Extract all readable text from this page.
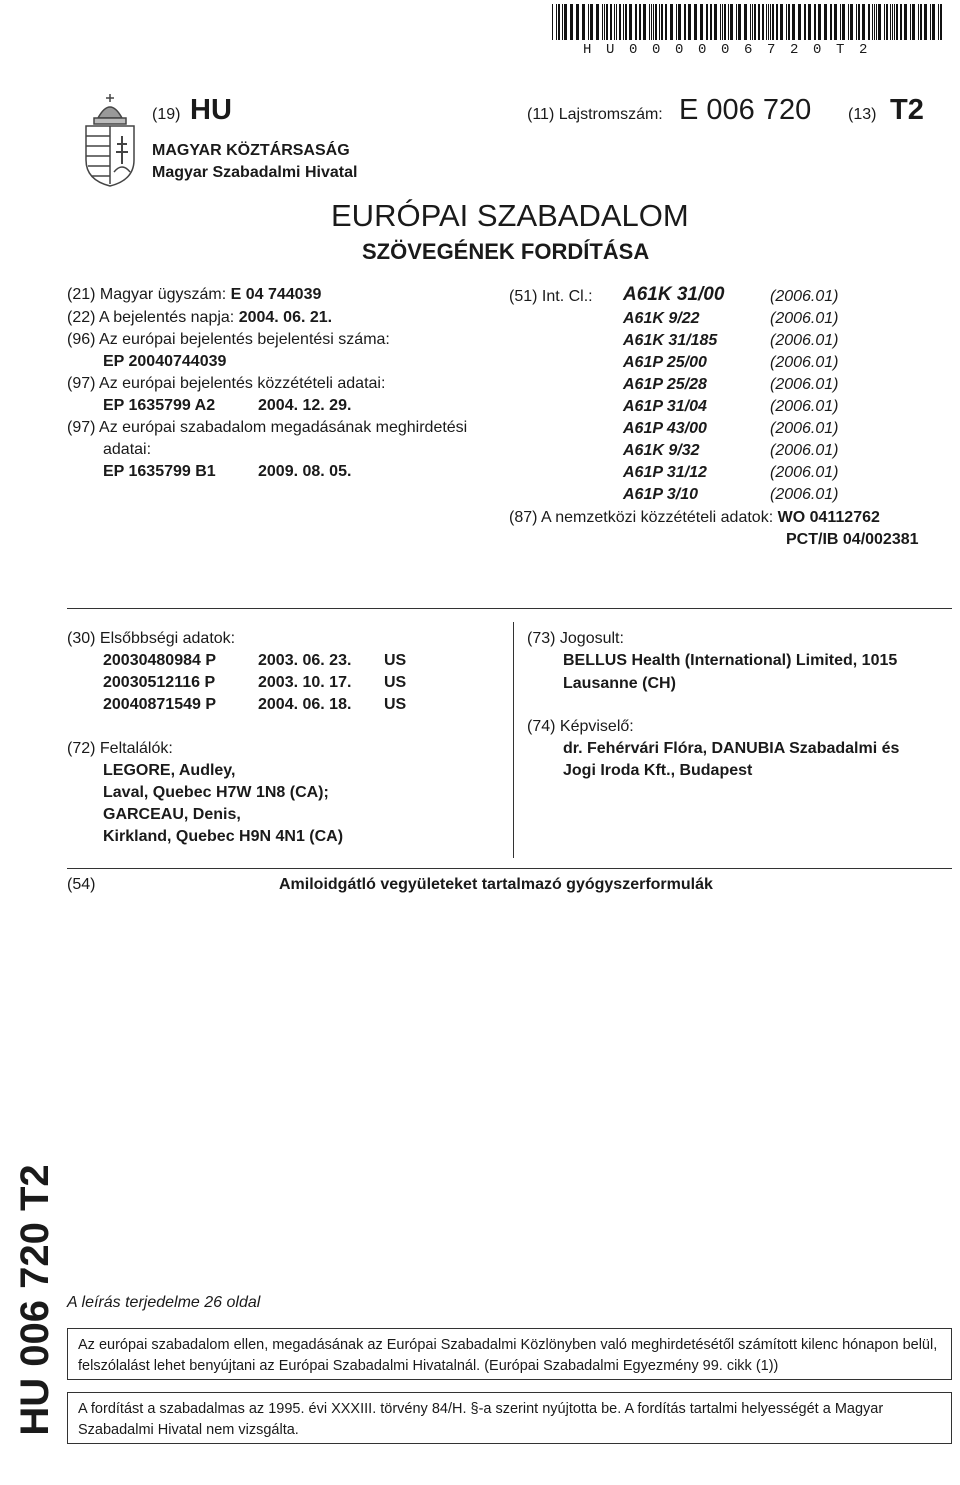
HU000006720T2
(19) HU	(11) Lajstromszám: E 006 720 (13) T2
MAGYAR KÖZTÁRSASÁG
Magyar Szabadalmi Hivatal
EURÓPAI SZABADALOM
SZÖVEGÉNEK FORDÍTÁSA
(21) Magyar ügyszám: E 04 744039
(22) A bejelentés napja: 2004. 06. 21.
(96) Az európai bejelentés bejelentési száma:
EP 20040744039
(97) Az európai bejelentés közzétételi adatai:
EP 1635799 A2	2004. 12. 29.
(97) Az európai szabadalom megadásának meghirdetési
adatai:
EP 1635799 B1	2009. 08. 05.
(51) Int. Cl.: A61K 31/00	(2006.01)
A61K 9/22	(2006.01)
A61K 31/185	(2006.01)
A61P 25/00	(2006.01)
A61P 25/28	(2006.01)
A61P 31/04	(2006.01)
A61P 43/00	(2006.01)
A61K 9/32	(2006.01)
A61P 31/12	(2006.01)
A61P 3/10	(2006.01)
(87) A nemzetközi közzétételi adatok: WO 04112762
PCT/IB 04/002381
(30) Elsőbbségi adatok:
20030480984 P	2003. 06. 23. US
20030512116 P	2003. 10. 17. US
20040871549 P	2004. 06. 18. US
(72) Feltalálók:
LEGORE, Audley,
Laval, Quebec H7W 1N8 (CA);
GARCEAU, Denis,
Kirkland, Quebec H9N 4N1 (CA)
(73) Jogosult:
BELLUS Health (International) Limited, 1015
Lausanne (CH)
(74) Képviselő:
dr. Fehérvári Flóra, DANUBIA Szabadalmi és
Jogi Iroda Kft., Budapest
(54)	Amiloidgátló vegyületeket tartalmazó gyógyszerformulák
HU 006 720 T2 A leírás terjedelme 26 oldal
Az európai szabadalom ellen, megadásának az Európai Szabadalmi Közlönyben való meghirdetésétől számított kilenc hónapon belül, felszólalást lehet benyújtani az Európai Szabadalmi Hivatalnál. (Európai Szabadalmi Egyezmény 99. cikk (1))
A fordítást a szabadalmas az 1995. évi XXXIII. törvény 84/H. §-a szerint nyújtotta be. A fordítás tartalmi helyességét a Magyar Szabadalmi Hivatal nem vizsgálta.
